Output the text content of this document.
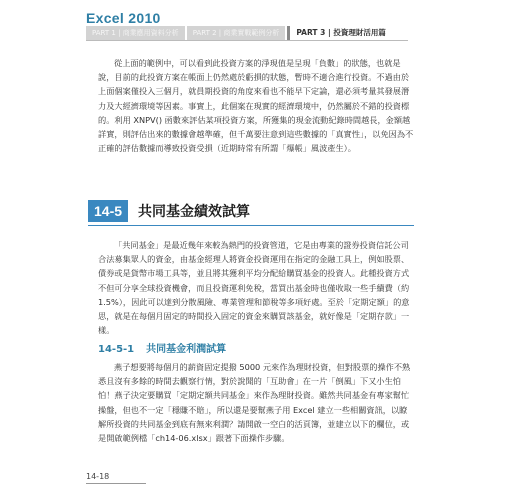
Excel 2010
PART 1 | 商業應用資料分析	PART 2 | 商業實戰範例分析	PART 3 | 投資理財活用篇

從上面的範例中，可以看到此投資方案的淨現值是呈現「負數」的狀態，也就是說，目前的此投資方案在帳面上仍然處於虧損的狀態，暫時不適合進行投資。不過由於上面個案僅投入三個月，就員期投資的角度來看也不能早下定論，還必須考量其發展潛力及大經濟環境等因素。事實上，此個案在現實的經濟環境中，仍然屬於不錯的投資標的。利用 XNPV() 函數來評估某項投資方案，所獲集的現金流動紀錄時間越長，金額越詳實，則評估出來的數據會越準確，但千萬要注意到這些數據的「真實性」，以免因為不正確的評估數據而導致投資受損（近期時常有所謂「爆帳」風波產生）。

14-5	共同基金績效試算

「共同基金」是最近幾年來較為熱門的投資管道，它是由專業的證券投資信託公司合法募集眾人的資金，由基金經理人將資金投資運用在指定的金融工具上，例如股票、債券或是貨幣市場工具等，並且將其獲利平均分配給購買基金的投資人。此種投資方式不但可分享全球投資機會，而且投資運利免稅，當買出基金時也僅收取一些手續費（約 1.5%），因此可以達到分散風險、專業管理和節稅等多項好處。至於「定期定額」的意思，就是在每個月固定的時間投入固定的資金來購買該基金，就好像是「定期存款」一樣。

14-5-1 共同基金利潤試算

燕子想要將每個月的薪資固定提撥 5000 元來作為理財投資，但對股票的操作不熟悉且沒有多餘的時間去觀察行情，對於說聞的「互助會」在一片「倒風」下又小生怕怕！燕子決定要購買「定期定額共同基金」來作為理財投資。雖然共同基金有專家幫忙操盤，但也不一定「穩賺不賠」，所以還是要幫燕子用 Excel 建立一些相關資訊，以瞭解所投資的共同基金到底有無來利潤？請開啟一空白的活頁簿，並建立以下的欄位，或是開啟範例檔「ch14-06.xlsx」跟著下面操作步驟。

14-18
